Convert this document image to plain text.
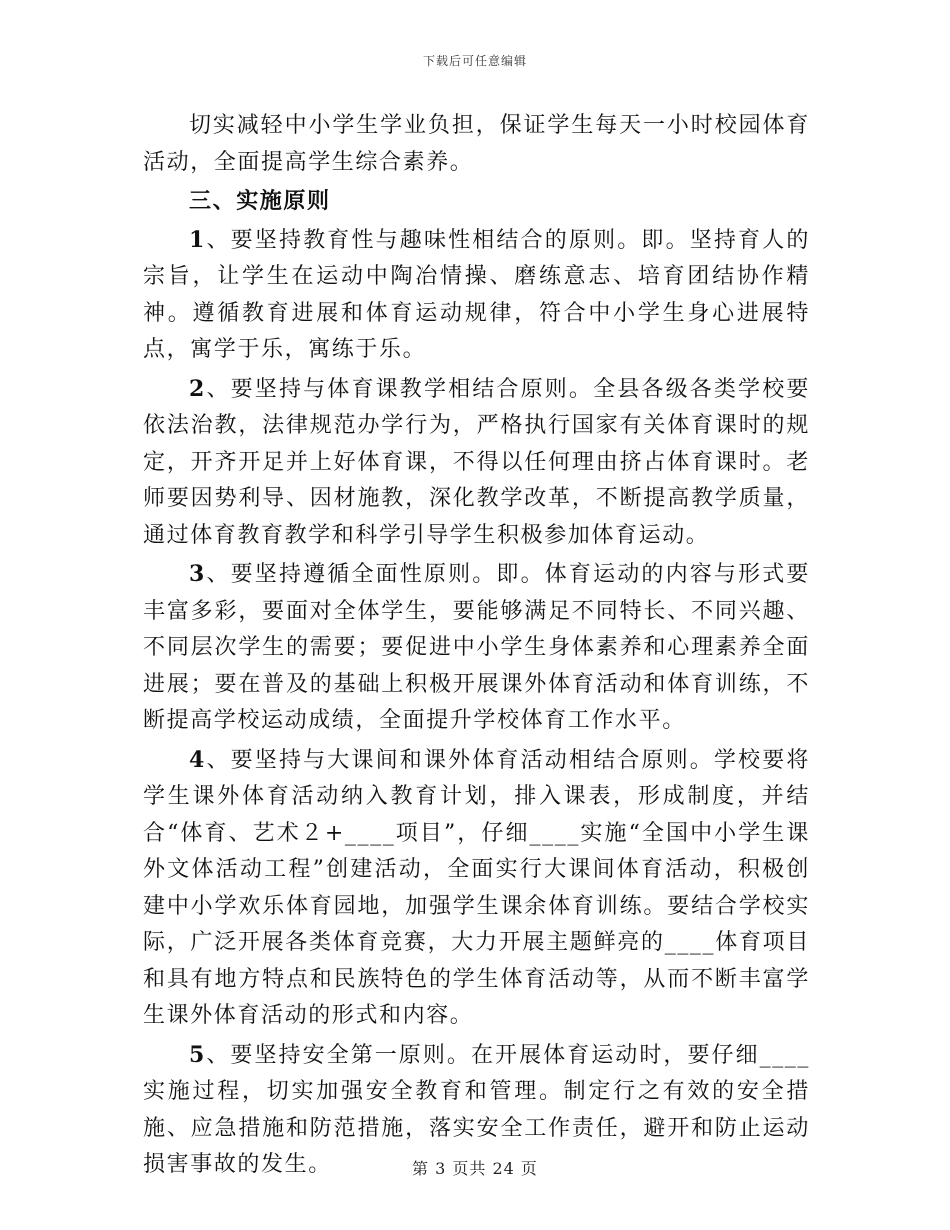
下载后可任意编辑

切实减轻中小学生学业负担，保证学生每天一小时校园体育活动，全面提高学生综合素养。

三、实施原则

1、要坚持教育性与趣味性相结合的原则。即。坚持育人的宗旨，让学生在运动中陶冶情操、磨练意志、培育团结协作精神。遵循教育进展和体育运动规律，符合中小学生身心进展特点，寓学于乐，寓练于乐。

2、要坚持与体育课教学相结合原则。全县各级各类学校要依法治教，法律规范办学行为，严格执行国家有关体育课时的规定，开齐开足并上好体育课，不得以任何理由挤占体育课时。老师要因势利导、因材施教，深化教学改革，不断提高教学质量，通过体育教育教学和科学引导学生积极参加体育运动。

3、要坚持遵循全面性原则。即。体育运动的内容与形式要丰富多彩，要面对全体学生，要能够满足不同特长、不同兴趣、不同层次学生的需要；要促进中小学生身体素养和心理素养全面进展；要在普及的基础上积极开展课外体育活动和体育训练，不断提高学校运动成绩，全面提升学校体育工作水平。

4、要坚持与大课间和课外体育活动相结合原则。学校要将学生课外体育活动纳入教育计划，排入课表，形成制度，并结合“体育、艺术２+____项目”，仔细____实施“全国中小学生课外文体活动工程”创建活动，全面实行大课间体育活动，积极创建中小学欢乐体育园地，加强学生课余体育训练。要结合学校实际，广泛开展各类体育竞赛，大力开展主题鲜亮的____体育项目和具有地方特点和民族特色的学生体育活动等，从而不断丰富学生课外体育活动的形式和内容。

5、要坚持安全第一原则。在开展体育运动时，要仔细____实施过程，切实加强安全教育和管理。制定行之有效的安全措施、应急措施和防范措施，落实安全工作责任，避开和防止运动损害事故的发生。	第 3 页共 24 页
